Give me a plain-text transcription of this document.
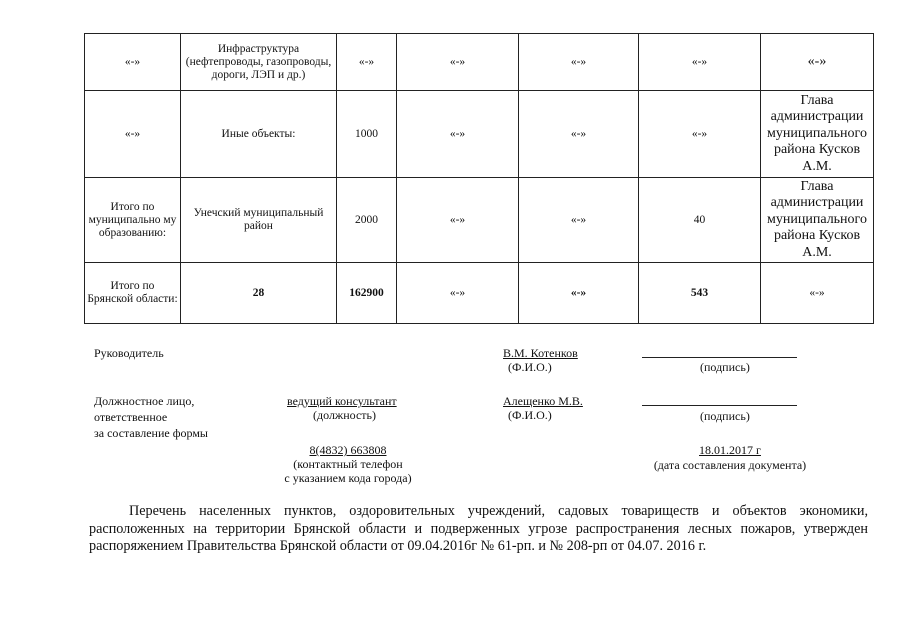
«-»	Инфраструктура (нефтепроводы, газопроводы, дороги, ЛЭП и др.)	«-»	«-»	«-»	«-»	«-»
«-»	Иные объекты:	1000	«-»	«-»	«-»	Глава администрации муниципального района Кусков А.М.
Итого по муниципально му образованию:	Унечский муниципальный район	2000	«-»	«-»	40	Глава администрации муниципального района Кусков А.М.
Итого по Брянской области:	28	162900	«-»	«-»	543	«-»
Руководитель	В.М. Котенков
(Ф.И.О.)	(подпись)
Должностное лицо,
ответственное
за составление формы
ведущий консультант
(должность)
Алещенко М.В.
(Ф.И.О.)	(подпись)
8(4832) 663808
(контактный телефон
с указанием кода города)
18.01.2017 г
(дата составления документа)

Перечень населенных пунктов, оздоровительных учреждений, садовых товариществ и объектов экономики, расположенных на территории Брянской области и подверженных угрозе распространения лесных пожаров, утвержден распоряжением Правительства Брянской области от 09.04.2016г № 61-рп. и № 208-рп от 04.07. 2016 г.
